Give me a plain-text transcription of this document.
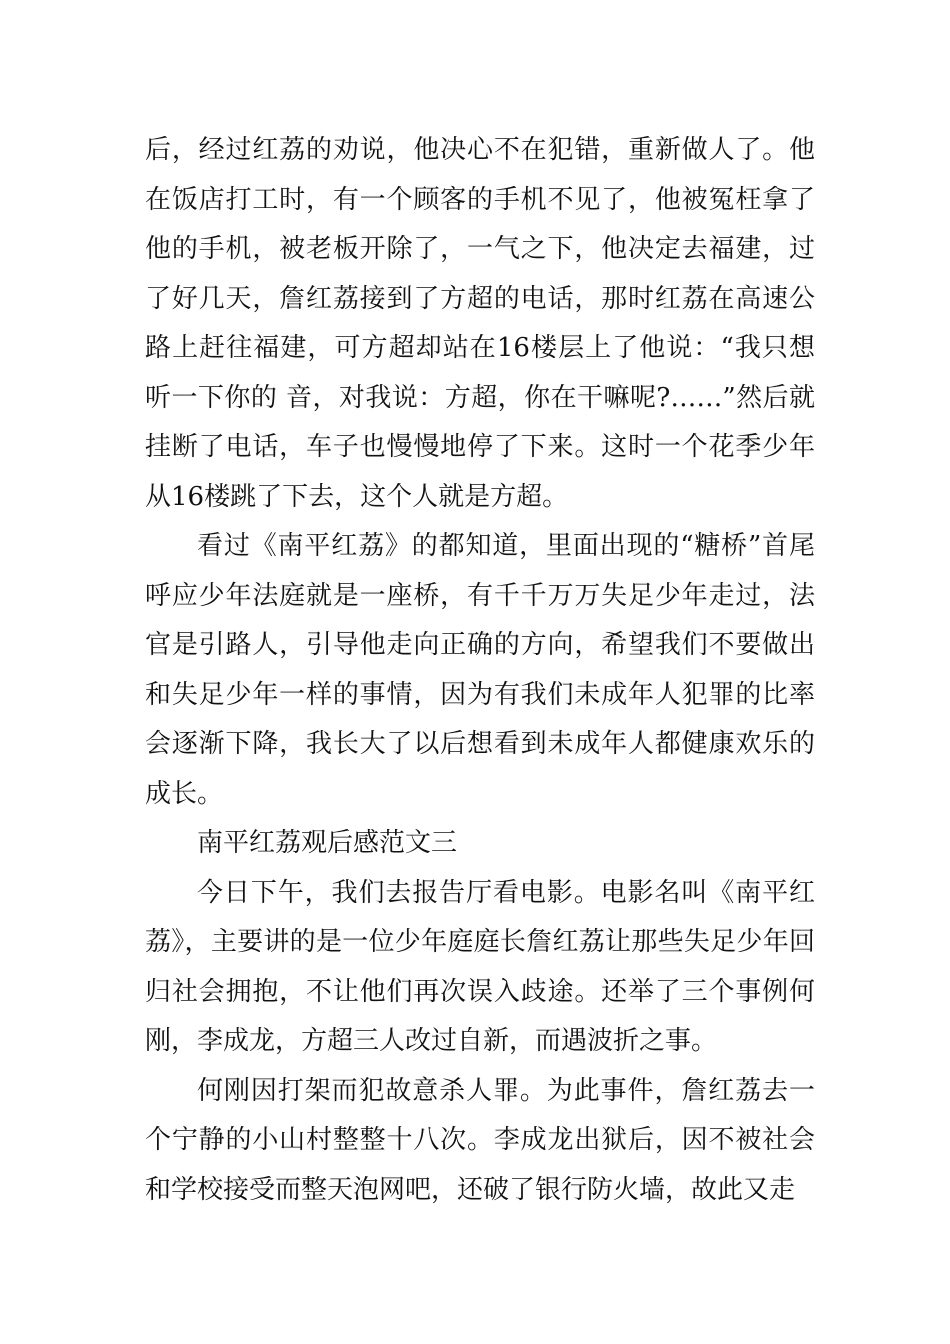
后，经过红荔的劝说，他决心不在犯错，重新做人了。他在饭店打工时，有一个顾客的手机不见了，他被冤枉拿了他的手机，被老板开除了，一气之下，他决定去福建，过了好几天，詹红荔接到了方超的电话，那时红荔在高速公路上赶往福建，可方超却站在16楼层上了他说：“我只想听一下你的 音，对我说：方超，你在干嘛呢?……”然后就挂断了电话，车子也慢慢地停了下来。这时一个花季少年从16楼跳了下去，这个人就是方超。

看过《南平红荔》的都知道，里面出现的“糖桥”首尾呼应少年法庭就是一座桥，有千千万万失足少年走过，法官是引路人，引导他走向正确的方向，希望我们不要做出和失足少年一样的事情，因为有我们未成年人犯罪的比率会逐渐下降，我长大了以后想看到未成年人都健康欢乐的成长。

南平红荔观后感范文三

今日下午，我们去报告厅看电影。电影名叫《南平红荔》，主要讲的是一位少年庭庭长詹红荔让那些失足少年回归社会拥抱，不让他们再次误入歧途。还举了三个事例何刚，李成龙，方超三人改过自新，而遇波折之事。

何刚因打架而犯故意杀人罪。为此事件，詹红荔去一个宁静的小山村整整十八次。李成龙出狱后，因不被社会和学校接受而整天泡网吧，还破了银行防火墙，故此又走
